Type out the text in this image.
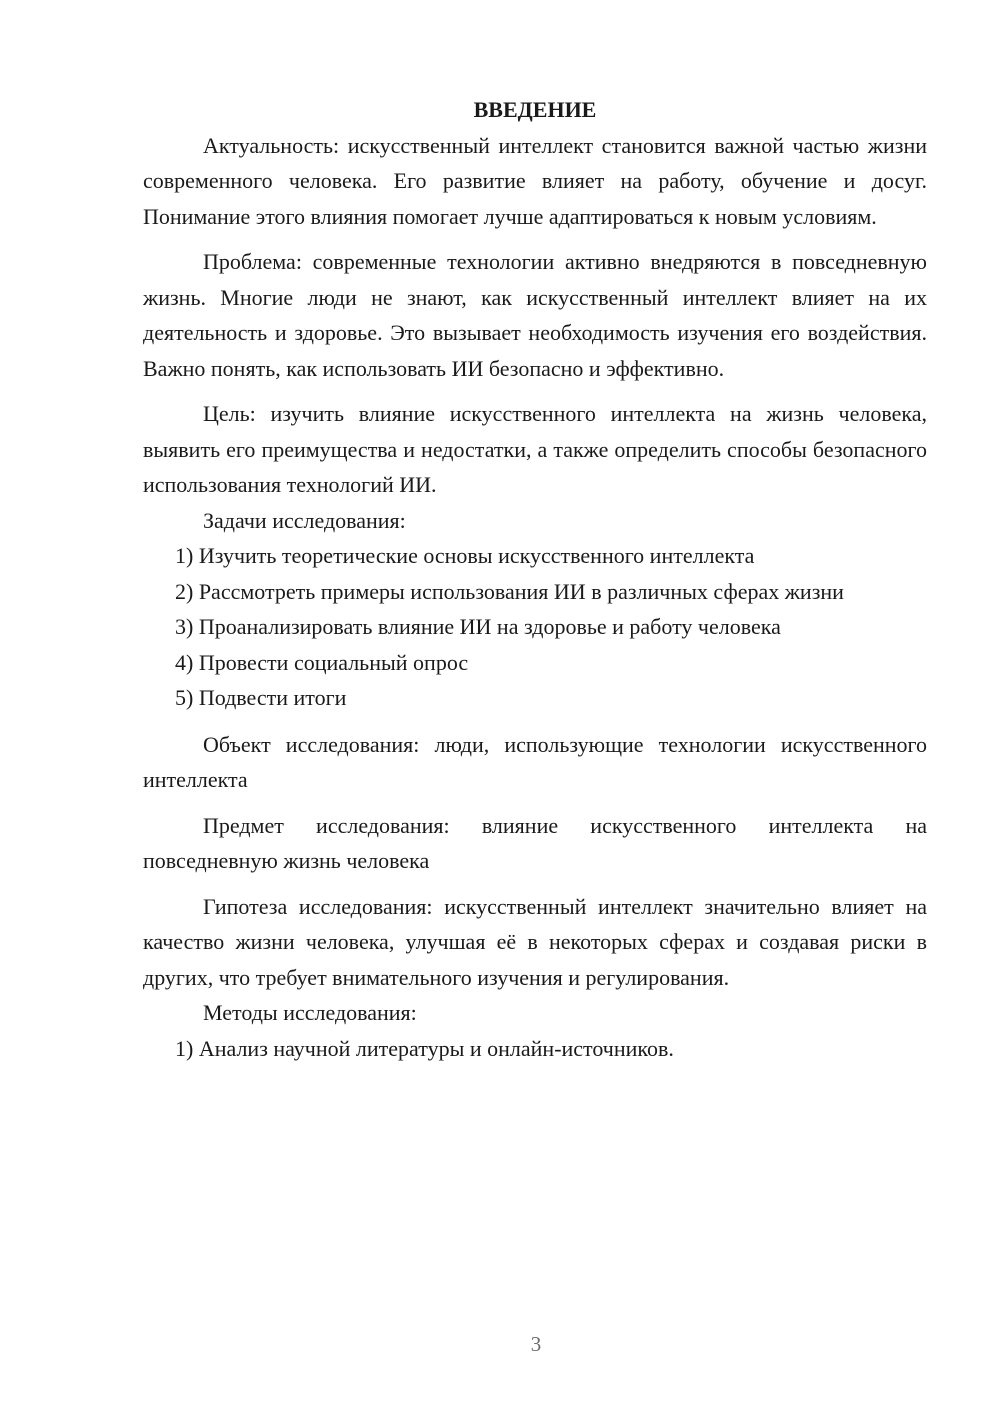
ВВЕДЕНИЕ

Актуальность: искусственный интеллект становится важной частью жизни современного человека. Его развитие влияет на работу, обучение и досуг. Понимание этого влияния помогает лучше адаптироваться к новым условиям.

Проблема: современные технологии активно внедряются в повседневную жизнь. Многие люди не знают, как искусственный интеллект влияет на их деятельность и здоровье. Это вызывает необходимость изучения его воздействия. Важно понять, как использовать ИИ безопасно и эффективно.

Цель: изучить влияние искусственного интеллекта на жизнь человека, выявить его преимущества и недостатки, а также определить способы безопасного использования технологий ИИ.

Задачи исследования:

1) Изучить теоретические основы искусственного интеллекта

2) Рассмотреть примеры использования ИИ в различных сферах жизни

3) Проанализировать влияние ИИ на здоровье и работу человека

4) Провести социальный опрос

5) Подвести итоги

Объект исследования: люди, использующие технологии искусственного интеллекта

Предмет исследования: влияние искусственного интеллекта на повседневную жизнь человека

Гипотеза исследования: искусственный интеллект значительно влияет на качество жизни человека, улучшая её в некоторых сферах и создавая риски в других, что требует внимательного изучения и регулирования.

Методы исследования:

1) Анализ научной литературы и онлайн-источников.

3
